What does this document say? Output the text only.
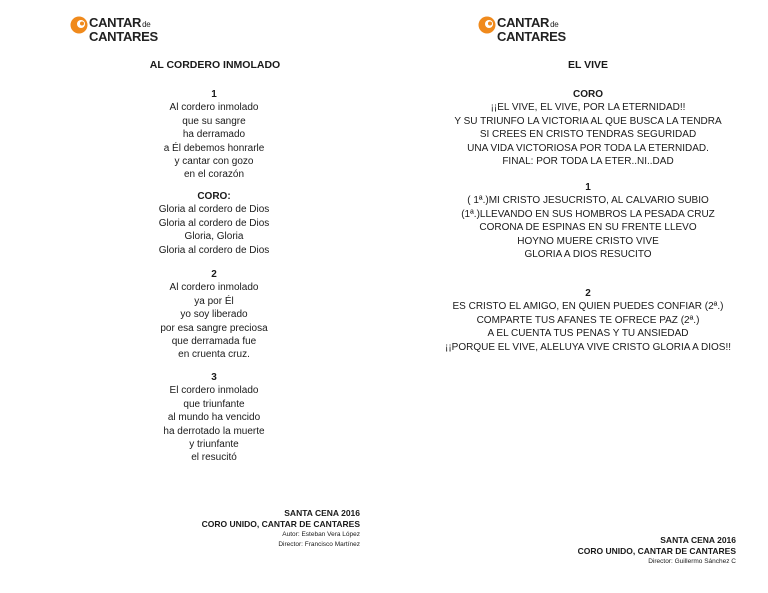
CANTARde
CANTARES
AL CORDERO INMOLADO
1
Al cordero inmolado
que su sangre
ha derramado
a Él debemos honrarle
y cantar con gozo
en el corazón
CORO:
Gloria al cordero de Dios
Gloria al cordero de Dios
Gloria, Gloria
Gloria al cordero de Dios
2
Al cordero inmolado
ya por Él
yo soy liberado
por esa sangre preciosa
que derramada fue
en cruenta cruz.
3
El cordero inmolado
que triunfante
al mundo ha vencido
ha derrotado la muerte
y triunfante
el resucitó
SANTA CENA 2016
CORO UNIDO, CANTAR DE CANTARES
Autor: Esteban Vera López
Director: Francisco Martínez
CANTARde
CANTARES
EL VIVE
CORO
¡¡EL VIVE, EL VIVE, POR LA ETERNIDAD!!
Y SU TRIUNFO LA VICTORIA AL QUE BUSCA LA TENDRA
SI CREES EN CRISTO TENDRAS SEGURIDAD
UNA VIDA VICTORIOSA POR TODA LA ETERNIDAD.
FINAL: POR TODA LA ETER..NI..DAD
1
( 1ª.)MI CRISTO JESUCRISTO, AL CALVARIO SUBIO
(1ª.)LLEVANDO EN SUS HOMBROS LA PESADA CRUZ
CORONA DE ESPINAS EN SU FRENTE LLEVO
HOYNO MUERE CRISTO VIVE
GLORIA A DIOS RESUCITO
2
ES CRISTO EL AMIGO, EN QUIEN PUEDES CONFIAR (2ª.)
COMPARTE TUS AFANES TE OFRECE PAZ (2ª.)
A EL CUENTA TUS PENAS Y TU ANSIEDAD
¡¡PORQUE EL VIVE, ALELUYA VIVE CRISTO GLORIA A DIOS!!
SANTA CENA 2016
CORO UNIDO, CANTAR DE CANTARES
Director: Guillermo Sánchez C
